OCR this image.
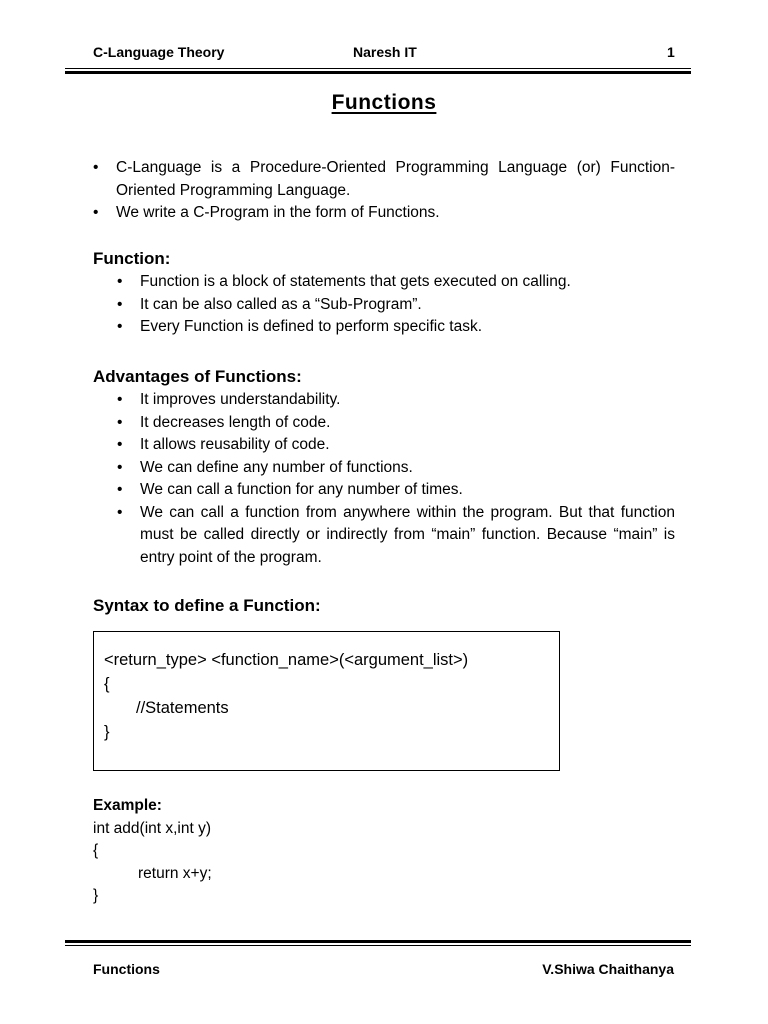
C-Language Theory	Naresh IT	1
Functions
• C-Language is a Procedure-Oriented Programming Language (or) Function-Oriented Programming Language.
• We write a C-Program in the form of Functions.
Function:
• Function is a block of statements that gets executed on calling.
• It can be also called as a “Sub-Program”.
• Every Function is defined to perform specific task.
Advantages of Functions:
• It improves understandability.
• It decreases length of code.
• It allows reusability of code.
• We can define any number of functions.
• We can call a function for any number of times.
• We can call a function from anywhere within the program. But that function must be called directly or indirectly from “main” function. Because “main” is entry point of the program.
Syntax to define a Function:
<return_type> <function_name>(<argument_list>)
{
//Statements
}
Example:
int add(int x,int y)
{
return x+y;
}
Functions	V.Shiwa Chaithanya
